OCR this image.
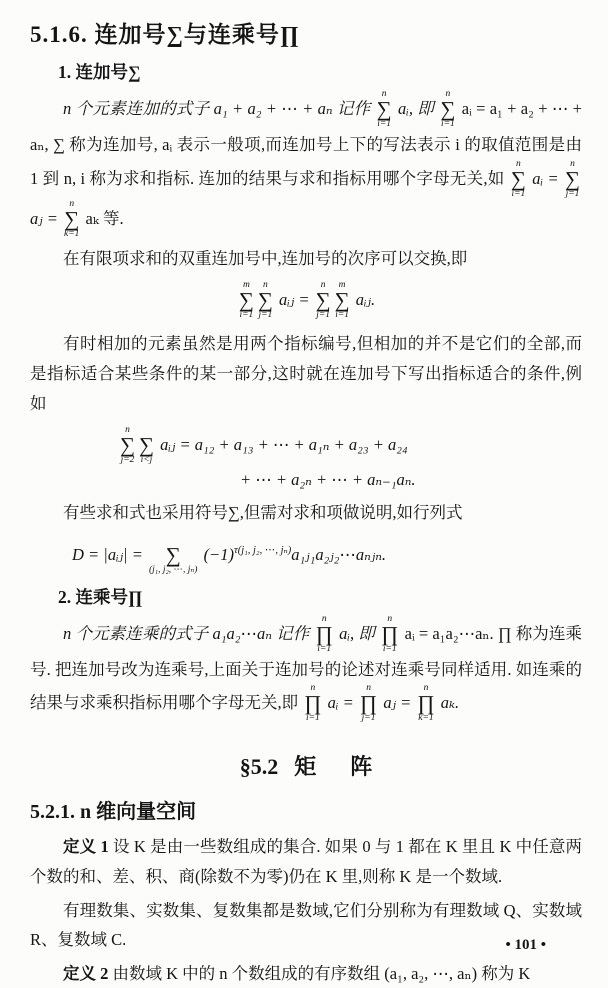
5.1.6. 连加号∑与连乘号∏
1. 连加号∑

n 个元素连加的式子 a₁ + a₂ + ⋯ + aₙ 记作
n
∑
i=1
aᵢ, 即
n
∑
i=1
aᵢ = a₁ + a₂ + ⋯ + aₙ, ∑ 称为连加号, aᵢ 表示一般项,而连加号上下的写法表示 i 的取值范围是由 1 到 n, i 称为求和指标. 连加的结果与求和指标用哪个字母无关,如
n
∑
i=1
aᵢ =
n
∑
j=1
aⱼ =
n
∑
k=1
aₖ 等.

在有限项求和的双重连加号中,连加号的次序可以交换,即

m
∑
i=1
n
∑
j=1
aᵢⱼ =
n
∑
j=1
m
∑
i=1
aᵢⱼ.

有时相加的元素虽然是用两个指标编号,但相加的并不是它们的全部,而是指标适合某些条件的某一部分,这时就在连加号下写出指标适合的条件,例如

n
∑
j=2
∑
i<j
aᵢⱼ = a₁₂ + a₁₃ + ⋯ + a₁ₙ + a₂₃ + a₂₄
+ ⋯ + a₂ₙ + ⋯ + aₙ₋₁aₙ.

有些求和式也采用符号∑,但需对求和项做说明,如行列式

D = |aᵢⱼ| = ∑
(j₁, j₂, ⋯, jₙ)
$(-1)^{\tau(j_1, j_2, \cdots, j_n)}a_1ⱼ_1a_2ⱼ_2\cdots a_nⱼ_n$.
2. 连乘号∏

n 个元素连乘的式子 a₁a₂⋯aₙ 记作
n
∏
i=1
aᵢ, 即
n
∏
i=1
aᵢ = a₁a₂⋯aₙ. ∏ 称为连乘号. 把连加号改为连乘号,上面关于连加号的论述对连乘号同样适用. 如连乘的结果与求乘积指标用哪个字母无关,即
n
∏
i=1
aᵢ =
n
∏
j=1
aⱼ =
n
∏
k=1
aₖ.

§5.2 矩 阵
5.2.1. n 维向量空间

定义 1 设 K 是由一些数组成的集合. 如果 0 与 1 都在 K 里且 K 中任意两个数的和、差、积、商(除数不为零)仍在 K 里,则称 K 是一个数域.

有理数集、实数集、复数集都是数域,它们分别称为有理数域 Q、实数域 R、复数域 C.

定义 2 由数域 K 中的 n 个数组成的有序数组 (a₁, a₂, ⋯, aₙ) 称为 K

• 101 •
